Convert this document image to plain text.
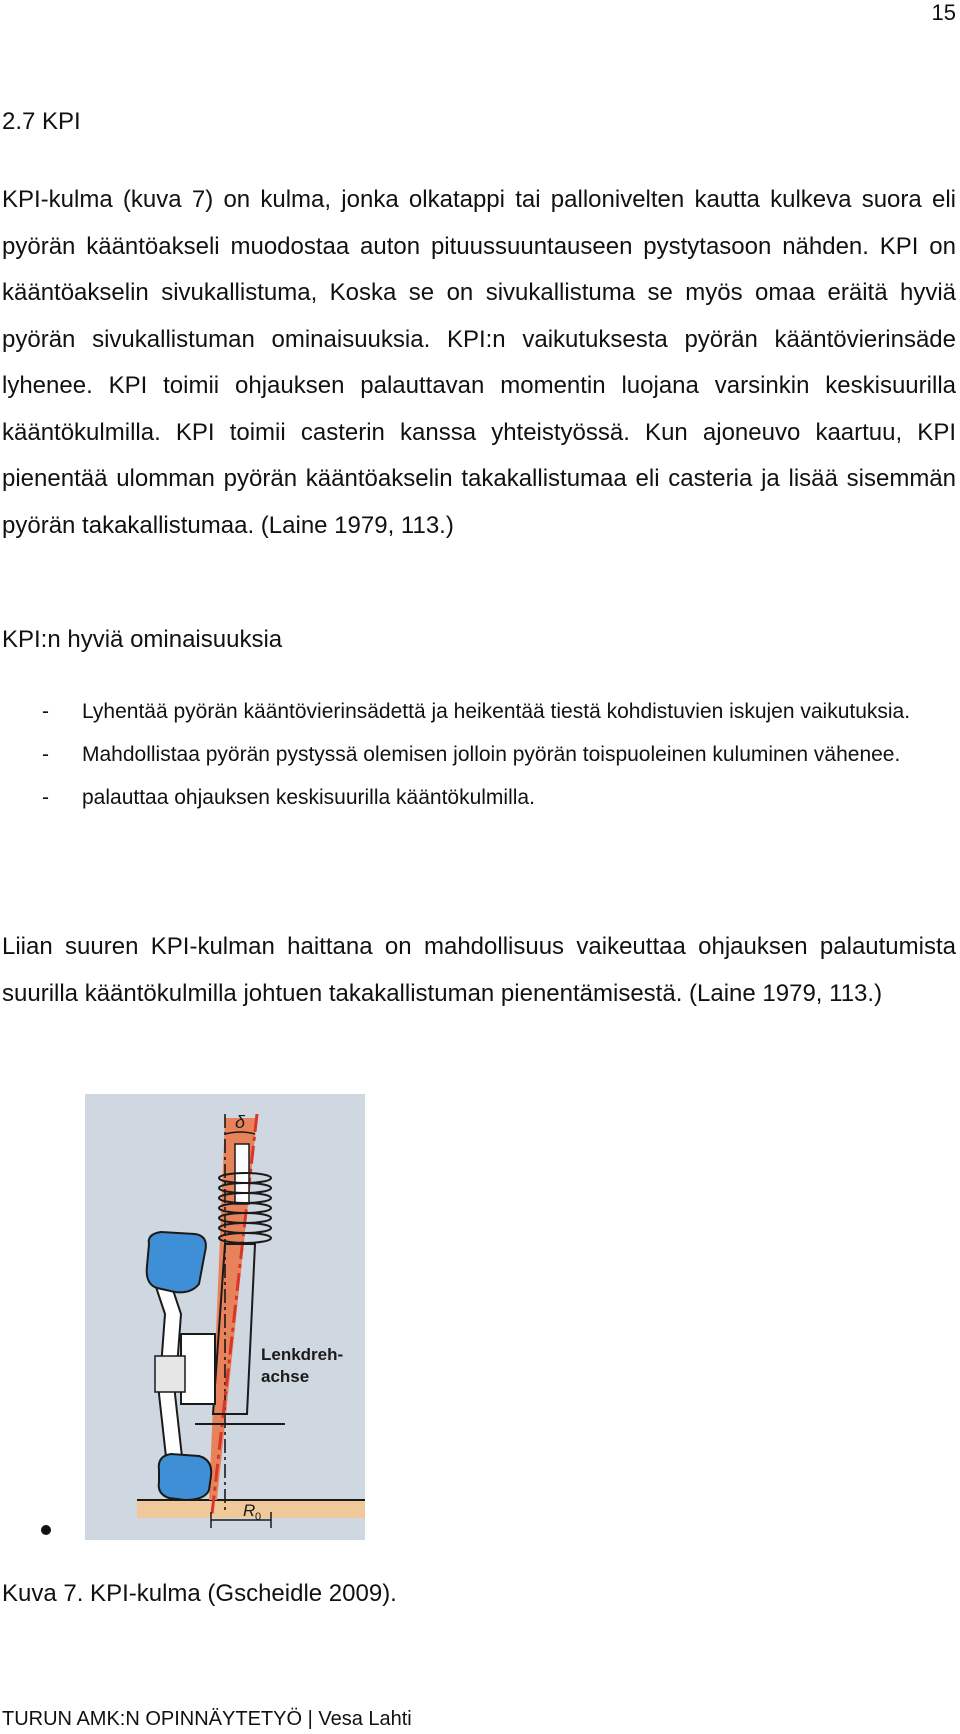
15
2.7 KPI

KPI-kulma (kuva 7) on kulma, jonka olkatappi tai pallonivelten kautta kulkeva suora eli pyörän kääntöakseli muodostaa auton pituussuuntauseen pystytasoon nähden. KPI on kääntöakselin sivukallistuma, Koska se on sivukallistuma se myös omaa eräitä hyviä pyörän sivukallistuman ominaisuuksia. KPI:n vaikutuksesta pyörän kääntövierinsäde lyhenee. KPI toimii ohjauksen palauttavan momentin luojana varsinkin keskisuurilla kääntökulmilla. KPI toimii casterin kanssa yhteistyössä. Kun ajoneuvo kaartuu, KPI pienentää ulomman pyörän kääntöakselin takakallistumaa eli casteria ja lisää sisemmän pyörän takakallistumaa. (Laine 1979, 113.)

KPI:n hyviä ominaisuuksia
- Lyhentää pyörän kääntövierinsädettä ja heikentää tiestä kohdistuvien iskujen vaikutuksia.
- Mahdollistaa pyörän pystyssä olemisen jolloin pyörän toispuoleinen kuluminen vähenee.
- palauttaa ohjauksen keskisuurilla kääntökulmilla.

Liian suuren KPI-kulman haittana on mahdollisuus vaikeuttaa ohjauksen palautumista suurilla kääntökulmilla johtuen takakallistuman pienentämisestä. (Laine 1979, 113.)

δ
Lenkdreh-
achse
R 0
Kuva 7. KPI-kulma (Gscheidle 2009).
TURUN AMK:N OPINNÄYTETYÖ | Vesa Lahti
